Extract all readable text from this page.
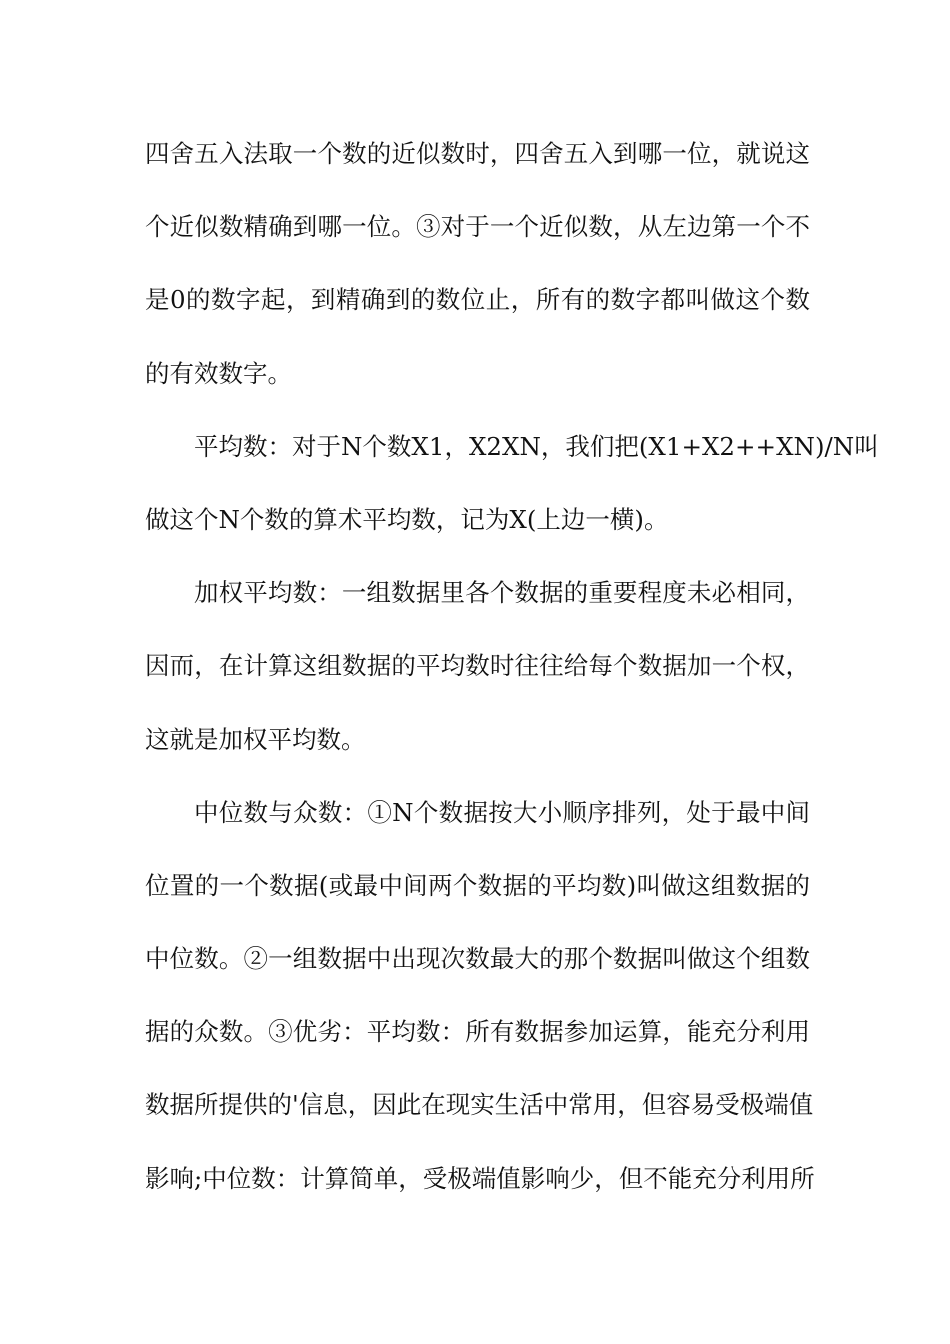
四舍五入法取一个数的近似数时，四舍五入到哪一位，就说这
个近似数精确到哪一位。③对于一个近似数，从左边第一个不
是0的数字起，到精确到的数位止，所有的数字都叫做这个数
的有效数字。
平均数：对于N个数X1，X2XN，我们把(X1+X2++XN)/N叫
做这个N个数的算术平均数，记为X(上边一横)。
加权平均数：一组数据里各个数据的重要程度未必相同，
因而，在计算这组数据的平均数时往往给每个数据加一个权，
这就是加权平均数。
中位数与众数：①N个数据按大小顺序排列，处于最中间
位置的一个数据(或最中间两个数据的平均数)叫做这组数据的
中位数。②一组数据中出现次数最大的那个数据叫做这个组数
据的众数。③优劣：平均数：所有数据参加运算，能充分利用
数据所提供的'信息，因此在现实生活中常用，但容易受极端值
影响;中位数：计算简单，受极端值影响少，但不能充分利用所
